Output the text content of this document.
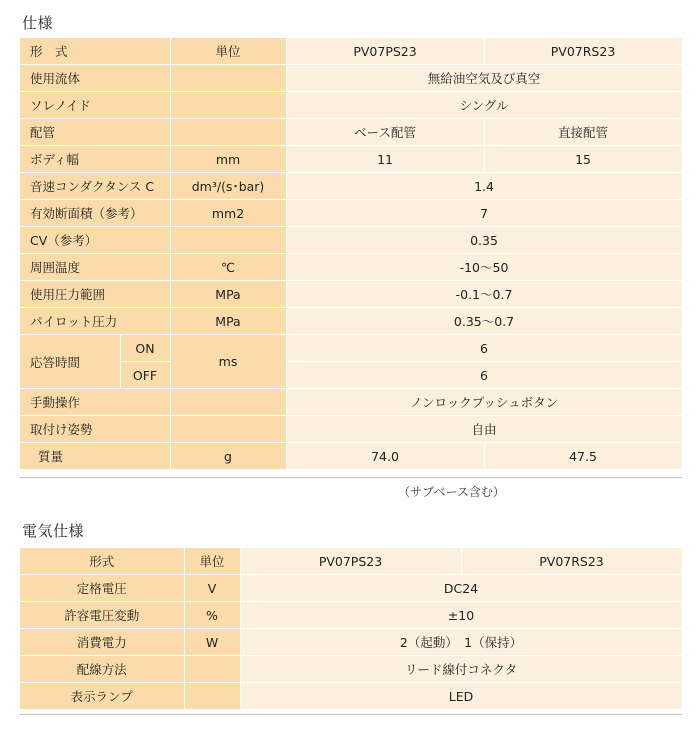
仕様
形　式		単位	PV07PS23	PV07RS23
使用流体			無給油空気及び真空	
ソレノイド			シングル	
配管			ベース配管	直接配管
ボディ幅		mm	11	15
音速コンダクタンス C		dm³/(s･bar)	1.4	
有効断面積（参考）		mm2	7	
CV（参考）			0.35	
周囲温度		℃	-10～50	
使用圧力範囲		MPa	-0.1～0.7	
パイロット圧力		MPa	0.35～0.7	
応答時間	ON	ms	6	
	OFF		6	
手動操作			ノンロックプッシュボタン	
取付け姿勢			自由	
質量		g	74.0	47.5
（サブベース含む）
電気仕様
形式	単位	PV07PS23	PV07RS23
定格電圧	V	DC24	
許容電圧変動	%	±10	
消費電力	W	2（起動）　1（保持）	
配線方法		リード線付コネクタ	
表示ランプ		LED	
